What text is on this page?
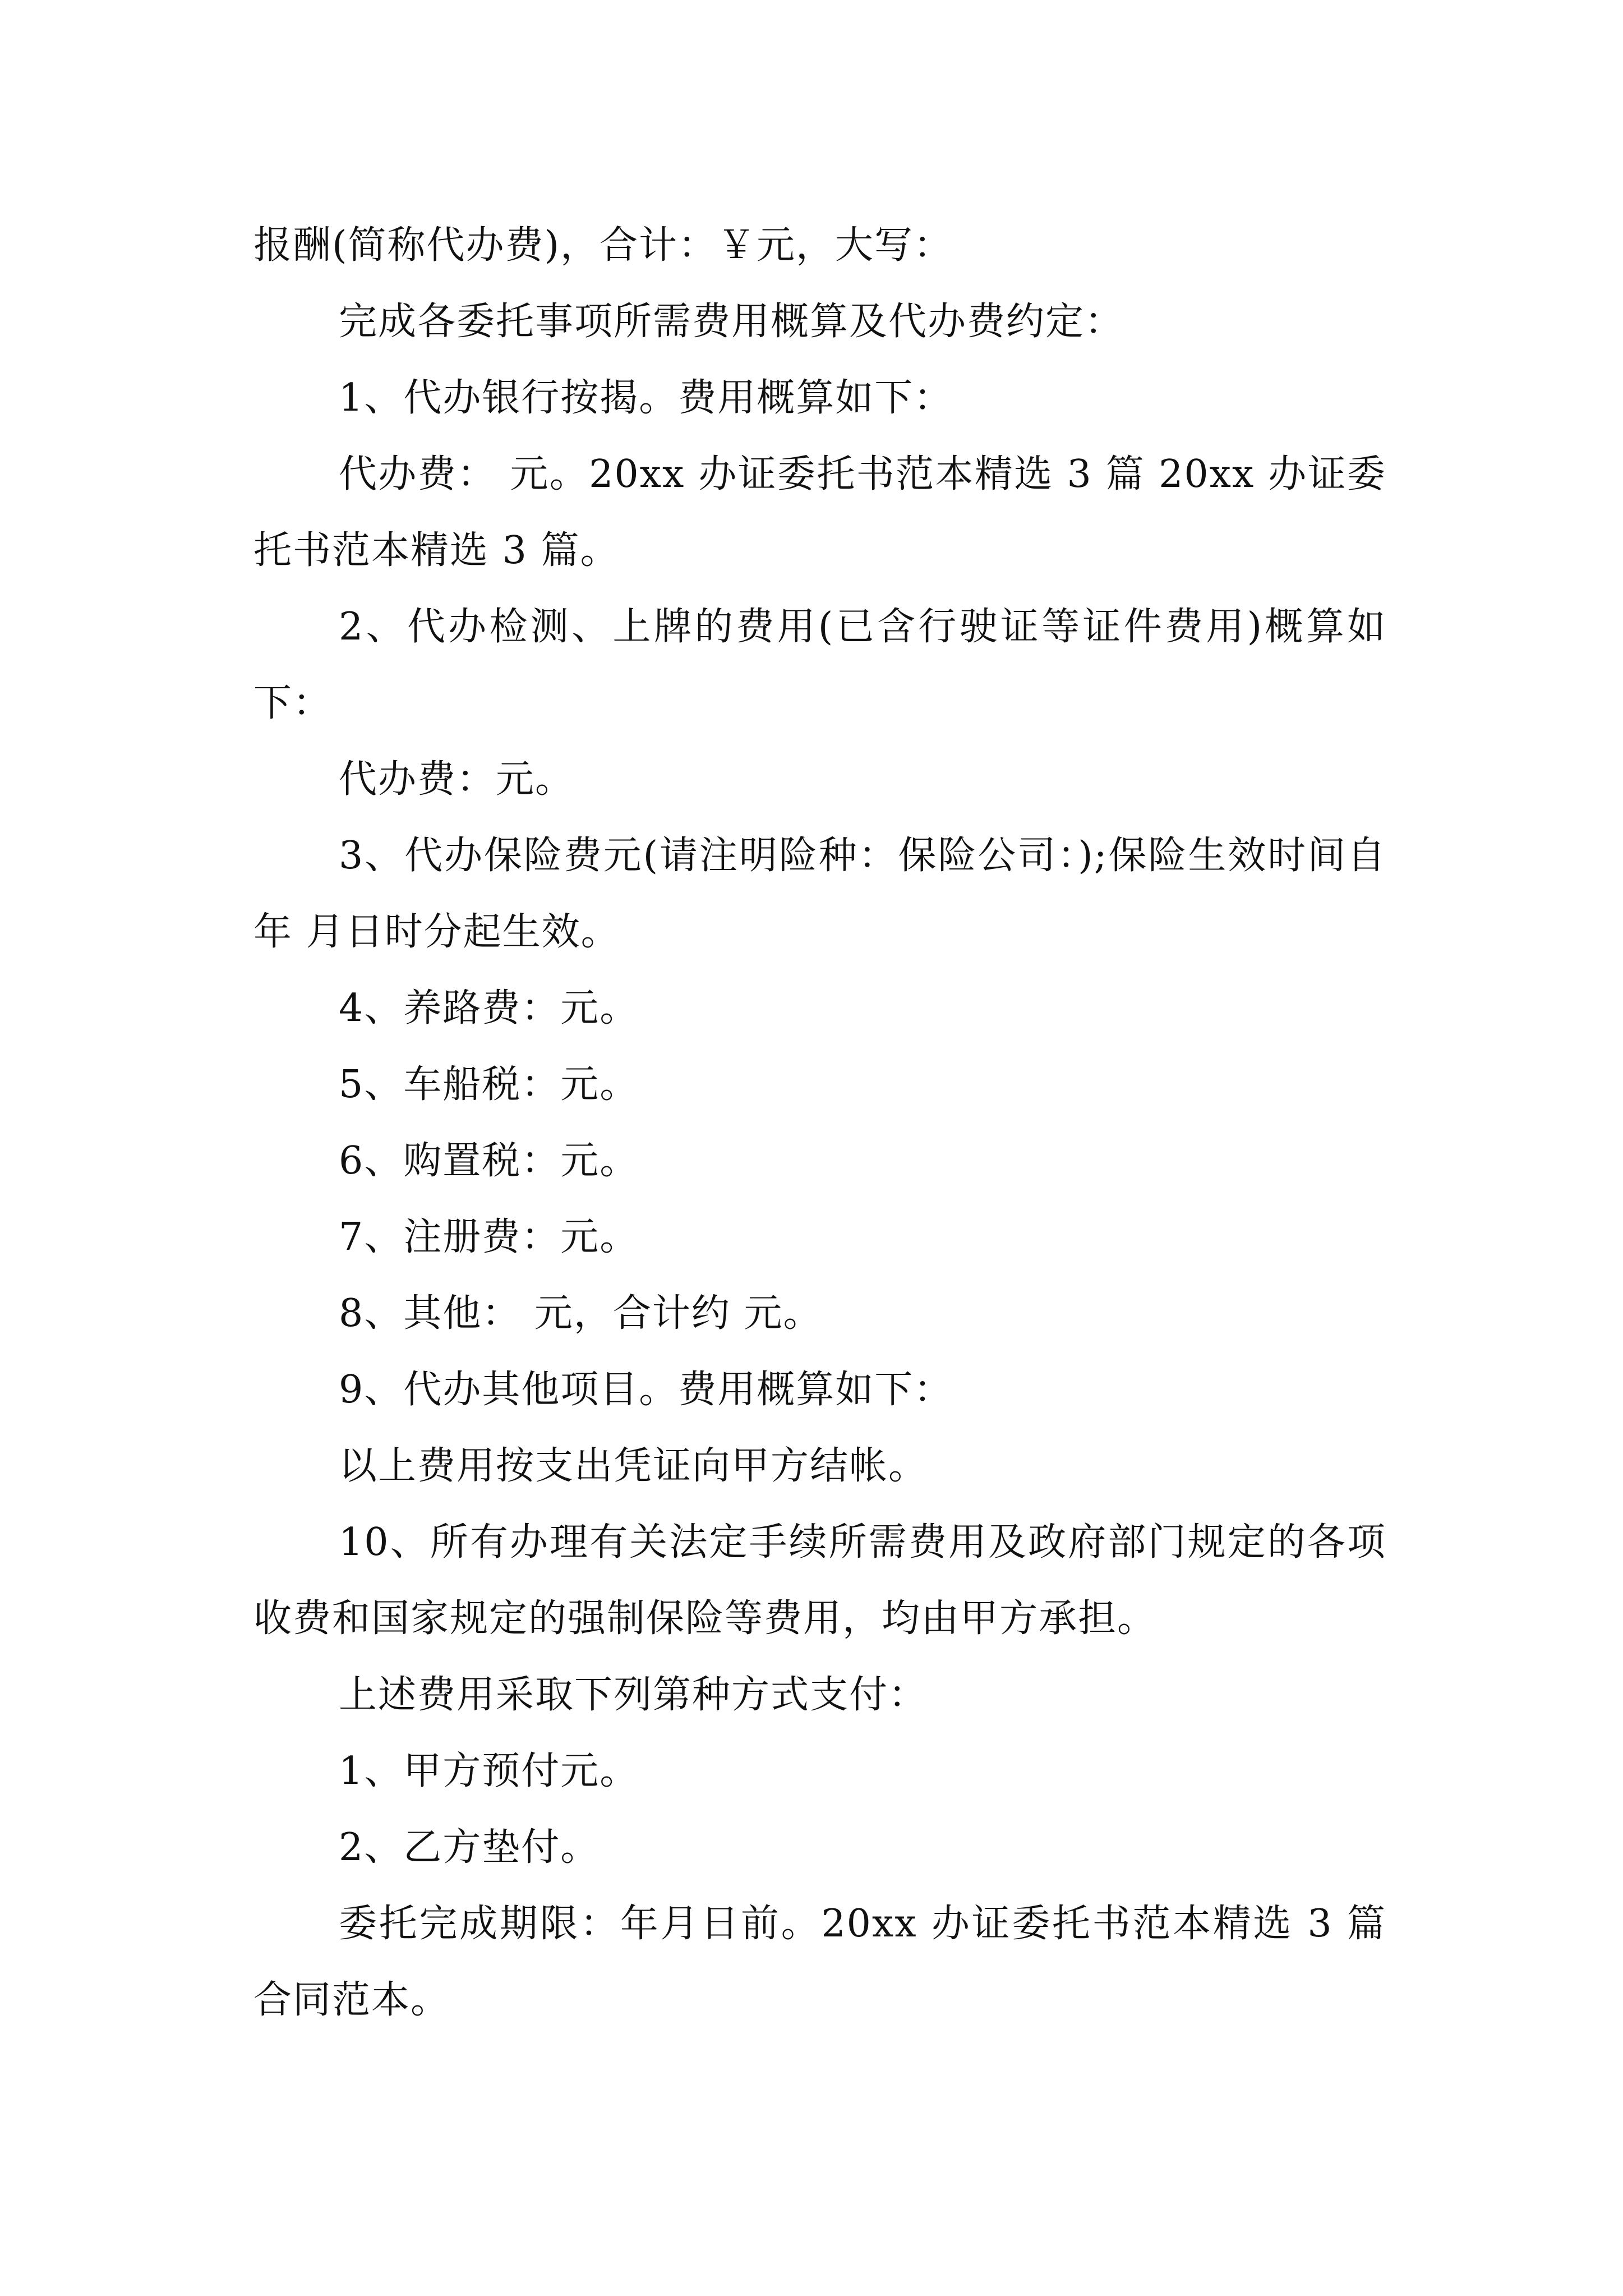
报酬(简称代办费)，合计：￥元，大写：

完成各委托事项所需费用概算及代办费约定：

1、代办银行按揭。费用概算如下：

代办费： 元。20xx 办证委托书范本精选 3 篇 20xx 办证委托书范本精选 3 篇。

2、代办检测、上牌的费用(已含行驶证等证件费用)概算如下：

代办费：元。

3、代办保险费元(请注明险种：保险公司：);保险生效时间自年 月日时分起生效。

4、养路费：元。

5、车船税：元。

6、购置税：元。

7、注册费：元。

8、其他： 元，合计约 元。

9、代办其他项目。费用概算如下：

以上费用按支出凭证向甲方结帐。

10、所有办理有关法定手续所需费用及政府部门规定的各项收费和国家规定的强制保险等费用，均由甲方承担。

上述费用采取下列第种方式支付：

1、甲方预付元。

2、乙方垫付。

委托完成期限：年月日前。20xx 办证委托书范本精选 3 篇合同范本。
